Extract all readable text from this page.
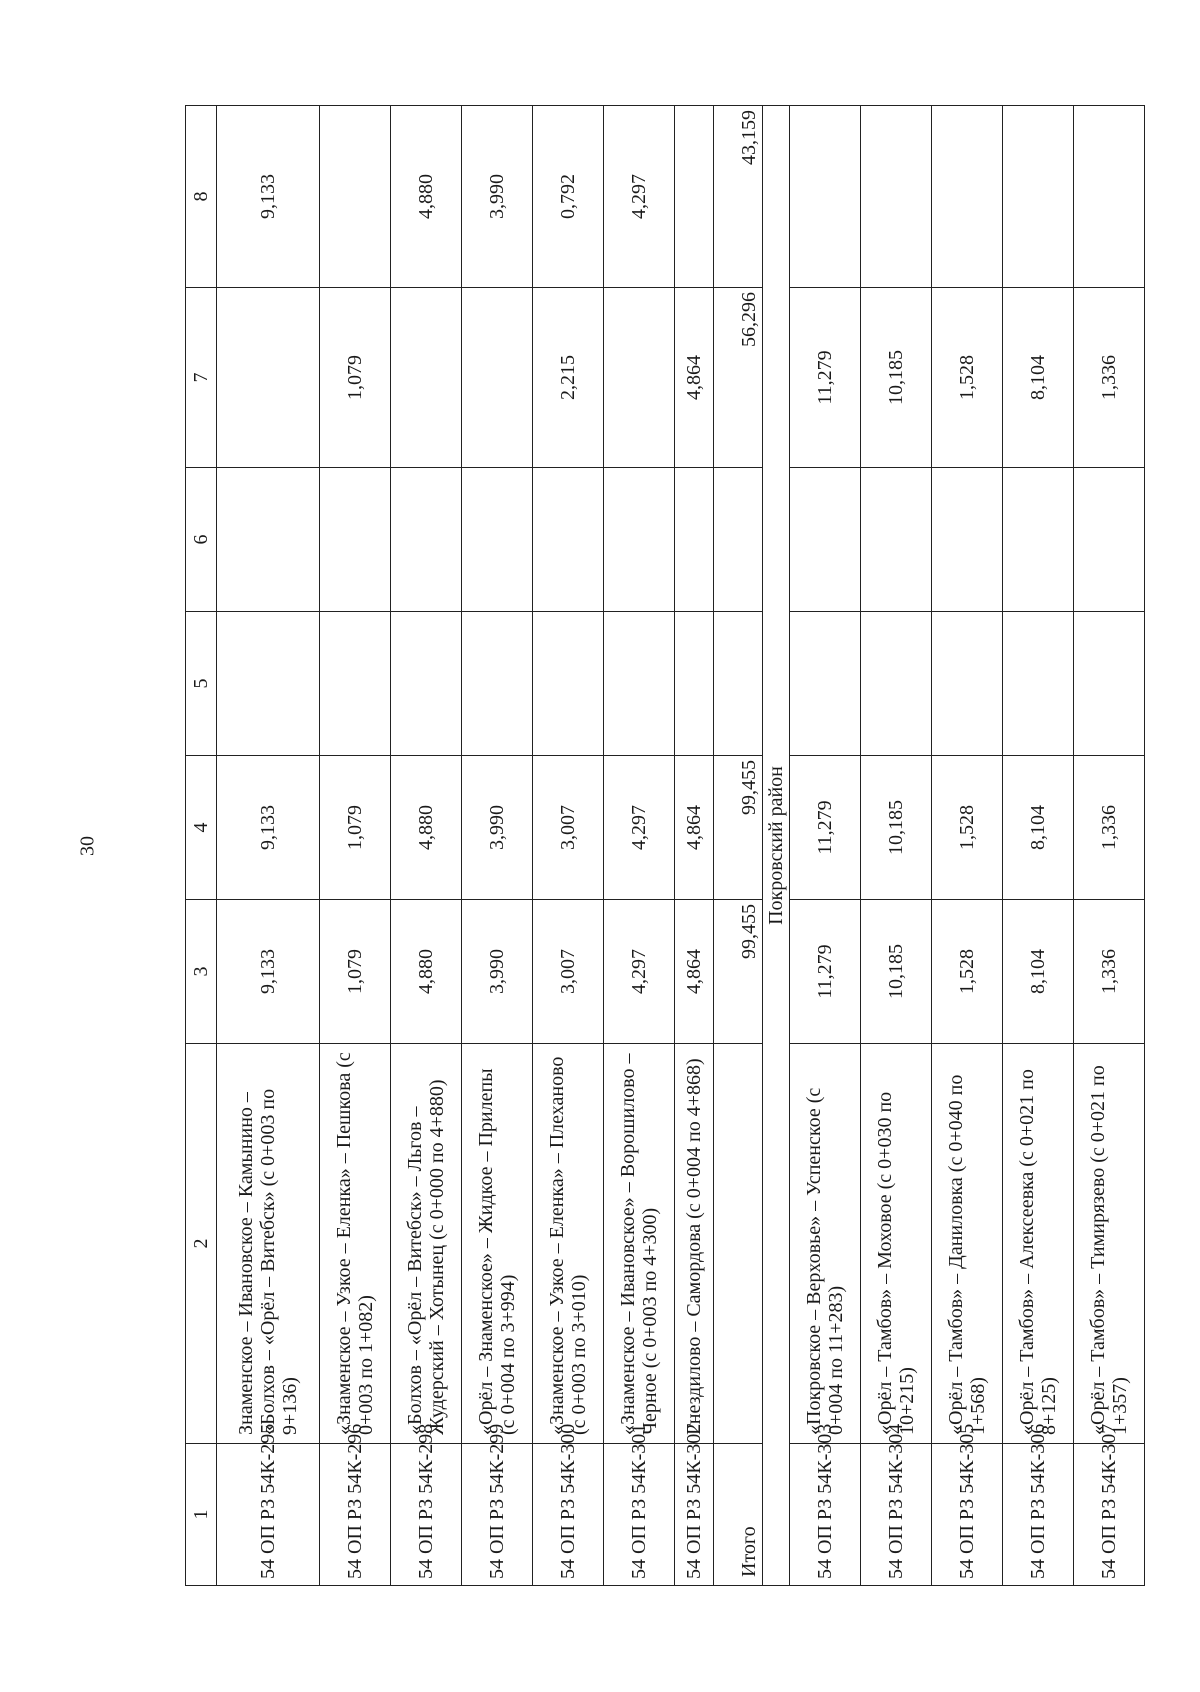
30
1	2	3	4	5	6	7	8
54 ОП РЗ 54К-295	Знаменское – Ивановское – Камынино – «Болхов – «Орёл – Витебск» (с 0+003 по 9+136)	9,133	9,133				9,133
54 ОП РЗ 54К-296	«Знаменское – Узкое – Еленка» – Пешкова (с 0+003 по 1+082)	1,079	1,079			1,079	
54 ОП РЗ 54К-298	«Болхов – «Орёл – Витебск» – Льгов – Жудерский – Хотынец (с 0+000 по 4+880)	4,880	4,880				4,880
54 ОП РЗ 54К-299	«Орёл – Знаменское» – Жидкое – Прилепы (с 0+004 по 3+994)	3,990	3,990				3,990
54 ОП РЗ 54К-300	«Знаменское – Узкое – Еленка» – Плеханово (с 0+003 по 3+010)	3,007	3,007			2,215	0,792
54 ОП РЗ 54К-301	«Знаменское – Ивановское» – Ворошилово – Черное (с 0+003 по 4+300)	4,297	4,297				4,297
54 ОП РЗ 54К-302	Гнездилово – Самордова (с 0+004 по 4+868)	4,864	4,864			4,864	
Итого		99,455	99,455			56,296	43,159
Покровский район							
54 ОП РЗ 54К-303	«Покровское – Верховье» – Успенское (с 0+004 по 11+283)	11,279	11,279			11,279	
54 ОП РЗ 54К-304	«Орёл – Тамбов» – Моховое (с 0+030 по 10+215)	10,185	10,185			10,185	
54 ОП РЗ 54К-305	«Орёл – Тамбов» – Даниловка (с 0+040 по 1+568)	1,528	1,528			1,528	
54 ОП РЗ 54К-306	«Орёл – Тамбов» – Алексеевка (с 0+021 по 8+125)	8,104	8,104			8,104	
54 ОП РЗ 54К-307	«Орёл – Тамбов» – Тимирязево (с 0+021 по 1+357)	1,336	1,336			1,336	
